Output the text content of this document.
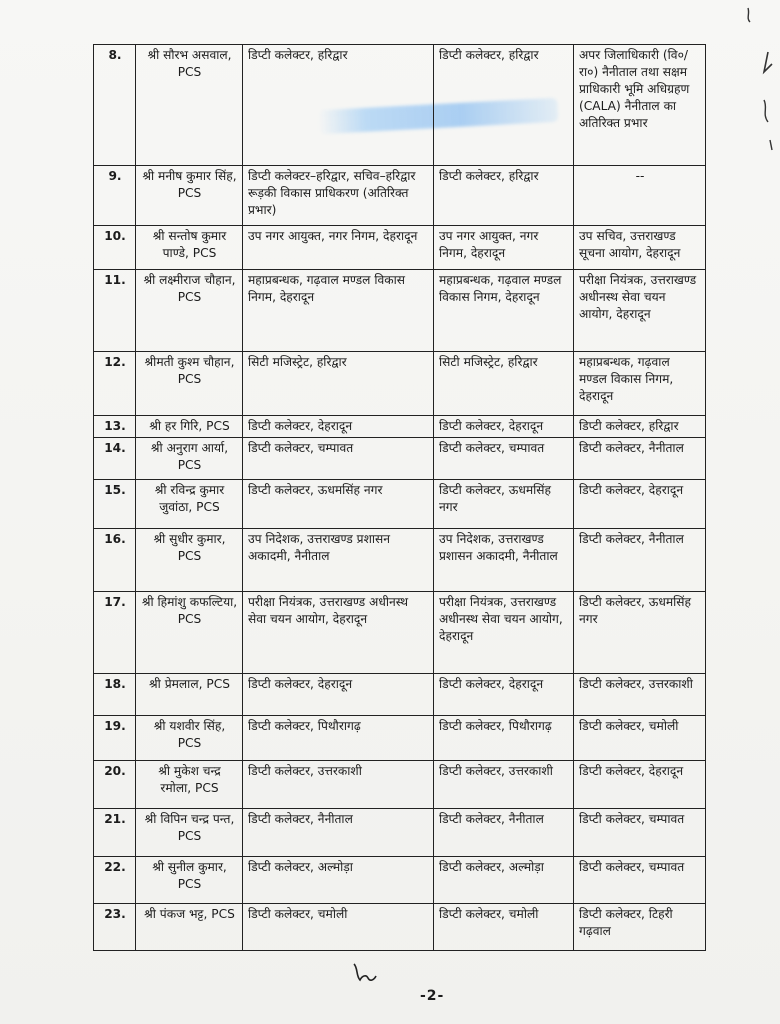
8.	श्री सौरभ असवाल, PCS	डिप्टी कलेक्टर, हरिद्वार	डिप्टी कलेक्टर, हरिद्वार	अपर जिलाधिकारी (वि०/रा०) नैनीताल तथा सक्षम प्राधिकारी भूमि अधिग्रहण (CALA) नैनीताल का अतिरिक्त प्रभार
9.	श्री मनीष कुमार सिंह, PCS	डिप्टी कलेक्टर–हरिद्वार, सचिव–हरिद्वार रूड़की विकास प्राधिकरण (अतिरिक्त प्रभार)	डिप्टी कलेक्टर, हरिद्वार	--
10.	श्री सन्तोष कुमार पाण्डे, PCS	उप नगर आयुक्त, नगर निगम, देहरादून	उप नगर आयुक्त, नगर निगम, देहरादून	उप सचिव, उत्तराखण्ड सूचना आयोग, देहरादून
11.	श्री लक्ष्मीराज चौहान, PCS	महाप्रबन्धक, गढ़वाल मण्डल विकास निगम, देहरादून	महाप्रबन्धक, गढ़वाल मण्डल विकास निगम, देहरादून	परीक्षा नियंत्रक, उत्तराखण्ड अधीनस्थ सेवा चयन आयोग, देहरादून
12.	श्रीमती कुश्म चौहान, PCS	सिटी मजिस्ट्रेट, हरिद्वार	सिटी मजिस्ट्रेट, हरिद्वार	महाप्रबन्धक, गढ़वाल मण्डल विकास निगम, देहरादून
13.	श्री हर गिरि, PCS	डिप्टी कलेक्टर, देहरादून	डिप्टी कलेक्टर, देहरादून	डिप्टी कलेक्टर, हरिद्वार
14.	श्री अनुराग आर्या, PCS	डिप्टी कलेक्टर, चम्पावत	डिप्टी कलेक्टर, चम्पावत	डिप्टी कलेक्टर, नैनीताल
15.	श्री रविन्द्र कुमार जुवांठा, PCS	डिप्टी कलेक्टर, ऊधमसिंह नगर	डिप्टी कलेक्टर, ऊधमसिंह नगर	डिप्टी कलेक्टर, देहरादून
16.	श्री सुधीर कुमार, PCS	उप निदेशक, उत्तराखण्ड प्रशासन अकादमी, नैनीताल	उप निदेशक, उत्तराखण्ड प्रशासन अकादमी, नैनीताल	डिप्टी कलेक्टर, नैनीताल
17.	श्री हिमांशु कफल्टिया, PCS	परीक्षा नियंत्रक, उत्तराखण्ड अधीनस्थ सेवा चयन आयोग, देहरादून	परीक्षा नियंत्रक, उत्तराखण्ड अधीनस्थ सेवा चयन आयोग, देहरादून	डिप्टी कलेक्टर, ऊधमसिंह नगर
18.	श्री प्रेमलाल, PCS	डिप्टी कलेक्टर, देहरादून	डिप्टी कलेक्टर, देहरादून	डिप्टी कलेक्टर, उत्तरकाशी
19.	श्री यशवीर सिंह, PCS	डिप्टी कलेक्टर, पिथौरागढ़	डिप्टी कलेक्टर, पिथौरागढ़	डिप्टी कलेक्टर, चमोली
20.	श्री मुकेश चन्द्र रमोला, PCS	डिप्टी कलेक्टर, उत्तरकाशी	डिप्टी कलेक्टर, उत्तरकाशी	डिप्टी कलेक्टर, देहरादून
21.	श्री विपिन चन्द्र पन्त, PCS	डिप्टी कलेक्टर, नैनीताल	डिप्टी कलेक्टर, नैनीताल	डिप्टी कलेक्टर, चम्पावत
22.	श्री सुनील कुमार, PCS	डिप्टी कलेक्टर, अल्मोड़ा	डिप्टी कलेक्टर, अल्मोड़ा	डिप्टी कलेक्टर, चम्पावत
23.	श्री पंकज भट्ट, PCS	डिप्टी कलेक्टर, चमोली	डिप्टी कलेक्टर, चमोली	डिप्टी कलेक्टर, टिहरी गढ़वाल
-2-
